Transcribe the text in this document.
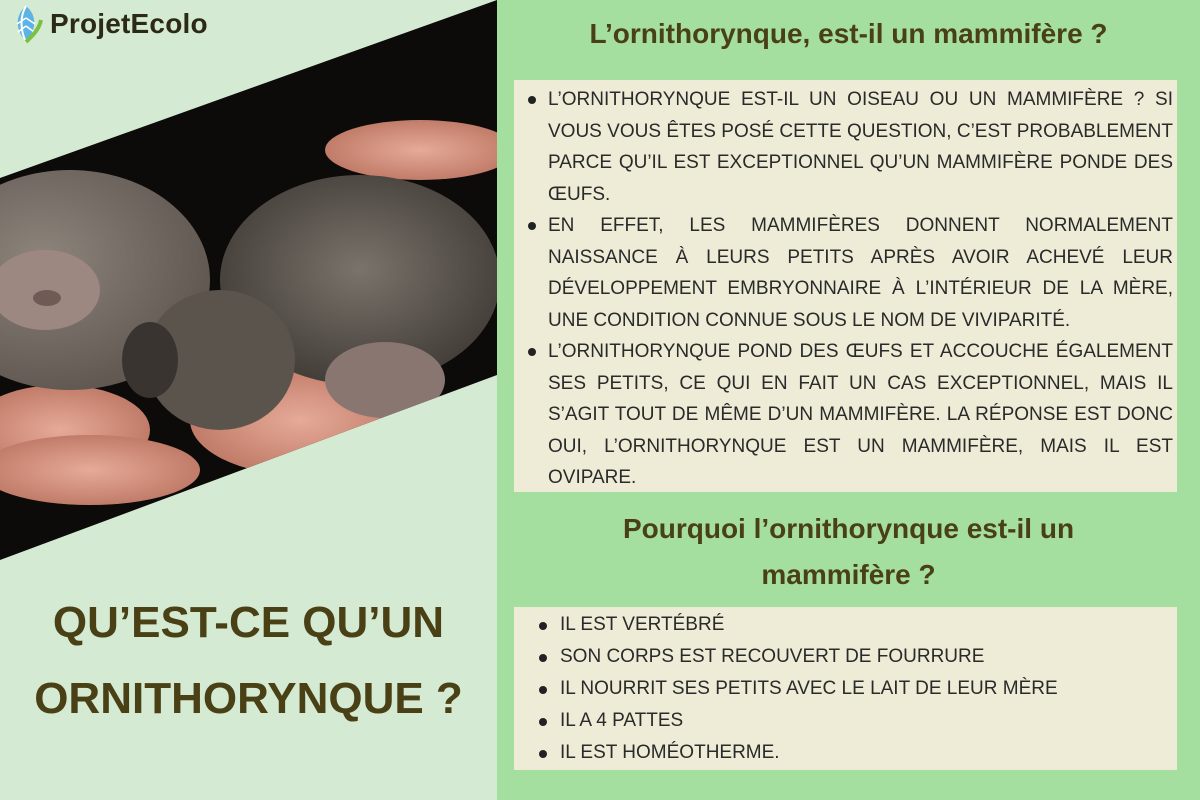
ProjetEcolo
QU’EST-CE QU’UN ORNITHORYNQUE ?
L’ornithorynque, est-il un mammifère ?
L’ORNITHORYNQUE EST-IL UN OISEAU OU UN MAMMIFÈRE ? SI VOUS VOUS ÊTES POSÉ CETTE QUESTION, C’EST PROBABLEMENT PARCE QU’IL EST EXCEPTIONNEL QU’UN MAMMIFÈRE PONDE DES ŒUFS.
EN EFFET, LES MAMMIFÈRES DONNENT NORMALEMENT NAISSANCE À LEURS PETITS APRÈS AVOIR ACHEVÉ LEUR DÉVELOPPEMENT EMBRYONNAIRE À L’INTÉRIEUR DE LA MÈRE, UNE CONDITION CONNUE SOUS LE NOM DE VIVIPARITÉ.
L’ORNITHORYNQUE POND DES ŒUFS ET ACCOUCHE ÉGALEMENT SES PETITS, CE QUI EN FAIT UN CAS EXCEPTIONNEL, MAIS IL S’AGIT TOUT DE MÊME D’UN MAMMIFÈRE. LA RÉPONSE EST DONC OUI, L’ORNITHORYNQUE EST UN MAMMIFÈRE, MAIS IL EST OVIPARE.
Pourquoi l’ornithorynque est-il un
mammifère ?
IL EST VERTÉBRÉ
SON CORPS EST RECOUVERT DE FOURRURE
IL NOURRIT SES PETITS AVEC LE LAIT DE LEUR MÈRE
IL A 4 PATTES
IL EST HOMÉOTHERME.
